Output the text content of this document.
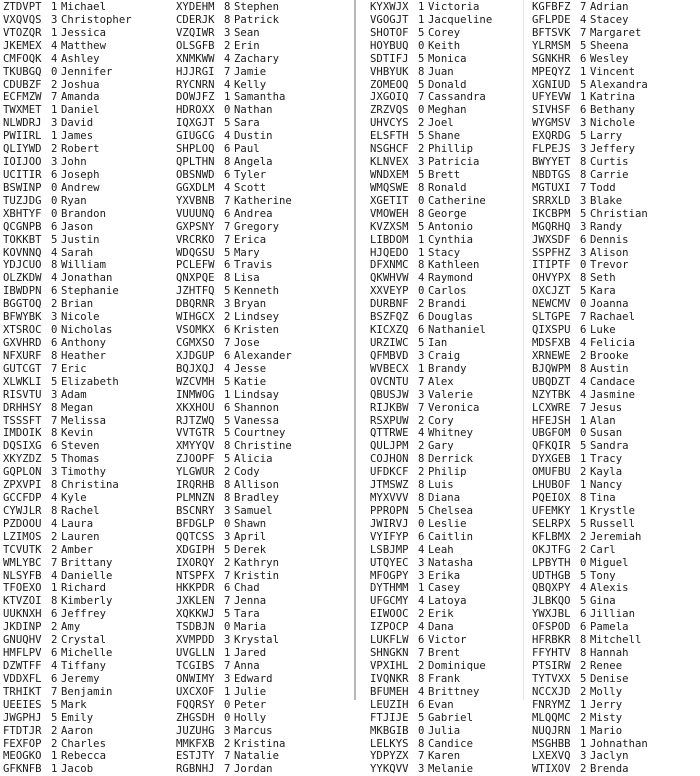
ZTDVPT 1 Michael
VXQVQS 3 Christopher
VTOZQR 1 Jessica
JKEMEX 4 Matthew
CMFOQK 4 Ashley
TKUBGQ 0 Jennifer
CDUBZF 2 Joshua
ECFMZW 7 Amanda
TWXMET 1 Daniel
NLWDRJ 3 David
PWIIRL 1 James
QLIYWD 2 Robert
IOIJOO 3 John
UCITIR 6 Joseph
BSWINP 0 Andrew
TUZJDG 0 Ryan
XBHTYF 0 Brandon
QCGNPB 6 Jason
TOKKBT 5 Justin
KOVNNQ 4 Sarah
YDJCUO 8 William
OLZKDW 4 Jonathan
IBWDPN 6 Stephanie
BGGTOQ 2 Brian
BFWYBK 3 Nicole
XTSROC 0 Nicholas
GXVHRD 6 Anthony
NFXURF 8 Heather
GUTCGT 7 Eric
XLWKLI 5 Elizabeth
RISVTU 3 Adam
DRHHSY 8 Megan
TSSSFT 7 Melissa
IMDOIK 8 Kevin
DQSIXG 6 Steven
XKYZDZ 5 Thomas
GQPLON 3 Timothy
ZPXVPI 8 Christina
GCCFDP 4 Kyle
CYWJLR 8 Rachel
PZDOOU 4 Laura
LZIMOS 2 Lauren
TCVUTK 2 Amber
WMLYBC 7 Brittany
NLSYFB 4 Danielle
TFOEXO 1 Richard
KTVZOI 8 Kimberly
UUKNXH 6 Jeffrey
JKDINP 2 Amy
GNUQHV 2 Crystal
HMFLPV 6 Michelle
DZWTFF 4 Tiffany
VDDXFL 6 Jeremy
TRHIKT 7 Benjamin
UEEIES 5 Mark
JWGPHJ 5 Emily
FTDTJR 2 Aaron
FEXFOP 2 Charles
MEOGKO 1 Rebecca
GFKNFB 1 Jacob
XYDEHM 8 Stephen
CDERJK 8 Patrick
VZQIWR 3 Sean
OLSGFB 2 Erin
XNMKWW 4 Zachary
HJJRGI 7 Jamie
RYCNRN 4 Kelly
DOWJFZ 1 Samantha
HDROXX 0 Nathan
IQXGJT 5 Sara
GIUGCG 4 Dustin
SHPLOQ 6 Paul
QPLTHN 8 Angela
OBSNWD 6 Tyler
GGXDLM 4 Scott
YXVBNB 7 Katherine
VUUUNQ 6 Andrea
GXPSNY 7 Gregory
VRCRKO 7 Erica
WDQGSU 5 Mary
PCLEFW 6 Travis
QNXPQE 8 Lisa
JZHTFQ 5 Kenneth
DBQRNR 3 Bryan
WIHGCX 2 Lindsey
VSOMKX 6 Kristen
CGMXSO 7 Jose
XJDGUP 6 Alexander
BQJXQJ 4 Jesse
WZCVMH 5 Katie
INMWOG 1 Lindsay
XKXHOU 6 Shannon
RJTZWQ 5 Vanessa
VVTGTR 5 Courtney
XMYYQV 8 Christine
ZJOOPF 5 Alicia
YLGWUR 2 Cody
IRQRHB 8 Allison
PLMNZN 8 Bradley
BSCNRY 3 Samuel
BFDGLP 0 Shawn
QQTCSS 3 April
XDGIPH 5 Derek
IXORQY 2 Kathryn
NTSPFX 7 Kristin
HKKPDR 6 Chad
JXKLEN 7 Jenna
XQKKWJ 5 Tara
TSDBJN 0 Maria
XVMPDD 3 Krystal
UVGLLN 1 Jared
TCGIBS 7 Anna
ONWIMY 3 Edward
UXCXOF 1 Julie
FQQRSY 0 Peter
ZHGSDH 0 Holly
JUZUHG 3 Marcus
MMKFXB 2 Kristina
ESTJTY 7 Natalie
RGBNHJ 7 Jordan
KYXWJX 1 Victoria
VGOGJT 1 Jacqueline
SHOTOF 5 Corey
HOYBUQ 0 Keith
SDTIFJ 5 Monica
VHBYUK 8 Juan
ZOMEOQ 5 Donald
JXGOIQ 7 Cassandra
ZRZVQS 0 Meghan
UHVCYS 2 Joel
ELSFTH 5 Shane
NSGHCF 2 Phillip
KLNVEX 3 Patricia
WNDXEM 5 Brett
WMQSWE 8 Ronald
XGETIT 0 Catherine
VMOWEH 8 George
KVZXSM 5 Antonio
LIBDOM 1 Cynthia
HJQEDO 1 Stacy
DFXNMC 8 Kathleen
QKWHVW 4 Raymond
XXVEYP 0 Carlos
DURBNF 2 Brandi
BSZFQZ 6 Douglas
KICXZQ 6 Nathaniel
URZIWC 5 Ian
QFMBVD 3 Craig
WVBECX 1 Brandy
OVCNTU 7 Alex
QBUSJW 3 Valerie
RIJKBW 7 Veronica
RSXPUW 2 Cory
QTTRWE 4 Whitney
QULJPM 2 Gary
COJHON 8 Derrick
UFDKCF 2 Philip
JTMSWZ 8 Luis
MYXVVV 8 Diana
PPROPN 5 Chelsea
JWIRVJ 0 Leslie
VYIFYP 6 Caitlin
LSBJMP 4 Leah
UTQYEC 3 Natasha
MFOGPY 3 Erika
DYTHMM 1 Casey
UFGCMY 4 Latoya
EIWOOC 2 Erik
IZPOCP 4 Dana
LUKFLW 6 Victor
SHNGKN 7 Brent
VPXIHL 2 Dominique
IVQNKR 8 Frank
BFUMEH 4 Brittney
LEUZIH 6 Evan
FTJIJE 5 Gabriel
MKBGIB 0 Julia
LELKYS 8 Candice
YDPYZX 7 Karen
YYKQVV 3 Melanie
KGFBFZ 7 Adrian
GFLPDE 4 Stacey
BFTSVK 7 Margaret
YLRMSM 5 Sheena
SGNKHR 6 Wesley
MPEQYZ 1 Vincent
XGNIUD 5 Alexandra
UFYEVW 1 Katrina
SIVHSF 6 Bethany
WYGMSV 3 Nichole
EXQRDG 5 Larry
FLPEJS 3 Jeffery
BWYYET 8 Curtis
NBDTGS 8 Carrie
MGTUXI 7 Todd
SRRXLD 3 Blake
IKCBPM 5 Christian
MGQRHQ 3 Randy
JWXSDF 6 Dennis
SSPFHZ 3 Alison
ITIPTF 0 Trevor
OHVYPX 8 Seth
OXCJZT 5 Kara
NEWCMV 0 Joanna
SLTGPE 7 Rachael
QIXSPU 6 Luke
MDSFXB 4 Felicia
XRNEWE 2 Brooke
BJQWPM 8 Austin
UBQDZT 4 Candace
NZYTBK 4 Jasmine
LCXWRE 7 Jesus
HFEJSH 1 Alan
UBGFOM 0 Susan
QFKQIR 5 Sandra
DYXGEB 1 Tracy
OMUFBU 2 Kayla
LHUBOF 1 Nancy
PQEIOX 8 Tina
UFEMKY 1 Krystle
SELRPX 5 Russell
KFLBMX 2 Jeremiah
OKJTFG 2 Carl
LPBYTH 0 Miguel
UDTHGB 5 Tony
QBQXPY 4 Alexis
JLBKQO 5 Gina
YWXJBL 6 Jillian
OFSPOD 6 Pamela
HFRBKR 8 Mitchell
FFYHTV 8 Hannah
PTSIRW 2 Renee
TYTVXX 5 Denise
NCCXJD 2 Molly
FNRYMZ 1 Jerry
MLQQMC 2 Misty
NUQJRN 1 Mario
MSGHBB 1 Johnathan
LXEXVQ 3 Jaclyn
WTIXOV 2 Brenda
